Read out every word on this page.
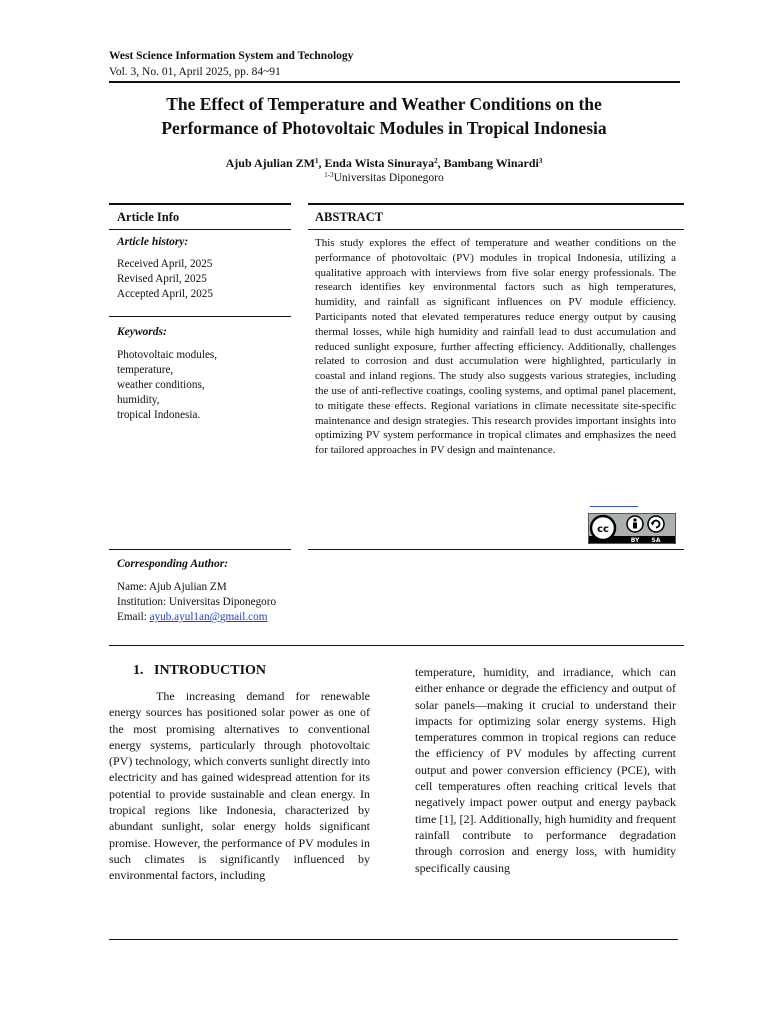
West Science Information System and Technology
Vol. 3, No. 01, April 2025, pp. 84~91
The Effect of Temperature and Weather Conditions on the
Performance of Photovoltaic Modules in Tropical Indonesia
Ajub Ajulian $ZM^1$, Enda Wista Sinuraya$^2$, Bambang Winardi$^3$
$^{1-3}$Universitas Diponegoro
Article Info	ABSTRACT
Article history:
Received April, 2025
Revised April, 2025
Accepted April, 2025
Keywords:
Photovoltaic modules,
temperature,
weather conditions,
humidity,
tropical Indonesia.
This study explores the effect of temperature and weather conditions on the performance of photovoltaic (PV) modules in tropical Indonesia, utilizing a qualitative approach with interviews from five solar energy professionals. The research identifies key environmental factors such as high temperatures, humidity, and rainfall as significant influences on PV module efficiency. Participants noted that elevated temperatures reduce energy output by causing thermal losses, while high humidity and rainfall lead to dust accumulation and reduced sunlight exposure, further affecting efficiency. Additionally, challenges related to corrosion and dust accumulation were highlighted, particularly in coastal and inland regions. The study also suggests various strategies, including the use of anti-reflective coatings, cooling systems, and optimal panel placement, to mitigate these effects. Regional variations in climate necessitate site-specific maintenance and design strategies. This research provides important insights into optimizing PV system performance in tropical climates and emphasizes the need for tailored approaches in PV design and maintenance.
cc
BY SA
Corresponding Author:
Name: Ajub Ajulian ZM
Institution: Universitas Diponegoro
Email: ayub.ayul1an@gmail.com
1.   INTRODUCTION
The increasing demand for renewable energy sources has positioned solar power as one of the most promising alternatives to conventional energy systems, particularly through photovoltaic (PV) technology, which converts sunlight directly into electricity and has gained widespread attention for its potential to provide sustainable and clean energy. In tropical regions like Indonesia, characterized by abundant sunlight, solar energy holds significant promise. However, the performance of PV modules in such climates is significantly influenced by environmental factors, including
temperature, humidity, and irradiance, which can either enhance or degrade the efficiency and output of solar panels—making it crucial to understand their impacts for optimizing solar energy systems. High temperatures common in tropical regions can reduce the efficiency of PV modules by affecting current output and power conversion efficiency (PCE), with cell temperatures often reaching critical levels that negatively impact power output and energy payback time [1], [2]. Additionally, high humidity and frequent rainfall contribute to performance degradation through corrosion and energy loss, with humidity specifically causing
